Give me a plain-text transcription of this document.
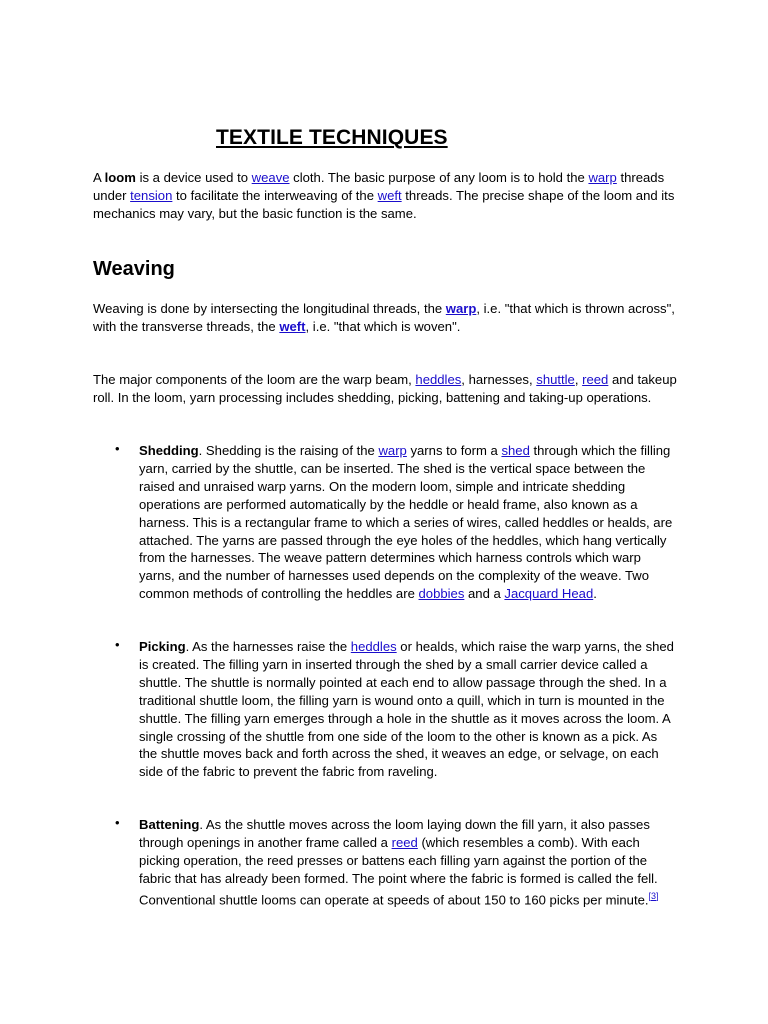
TEXTILE TECHNIQUES
A loom is a device used to weave cloth. The basic purpose of any loom is to hold the warp threads under tension to facilitate the interweaving of the weft threads. The precise shape of the loom and its mechanics may vary, but the basic function is the same.
Weaving
Weaving is done by intersecting the longitudinal threads, the warp, i.e. "that which is thrown across", with the transverse threads, the weft, i.e. "that which is woven".
The major components of the loom are the warp beam, heddles, harnesses, shuttle, reed and takeup roll. In the loom, yarn processing includes shedding, picking, battening and taking-up operations.
• Shedding. Shedding is the raising of the warp yarns to form a shed through which the filling yarn, carried by the shuttle, can be inserted. The shed is the vertical space between the raised and unraised warp yarns. On the modern loom, simple and intricate shedding operations are performed automatically by the heddle or heald frame, also known as a harness. This is a rectangular frame to which a series of wires, called heddles or healds, are attached. The yarns are passed through the eye holes of the heddles, which hang vertically from the harnesses. The weave pattern determines which harness controls which warp yarns, and the number of harnesses used depends on the complexity of the weave. Two common methods of controlling the heddles are dobbies and a Jacquard Head.
• Picking. As the harnesses raise the heddles or healds, which raise the warp yarns, the shed is created. The filling yarn in inserted through the shed by a small carrier device called a shuttle. The shuttle is normally pointed at each end to allow passage through the shed. In a traditional shuttle loom, the filling yarn is wound onto a quill, which in turn is mounted in the shuttle. The filling yarn emerges through a hole in the shuttle as it moves across the loom. A single crossing of the shuttle from one side of the loom to the other is known as a pick. As the shuttle moves back and forth across the shed, it weaves an edge, or selvage, on each side of the fabric to prevent the fabric from raveling.
• Battening. As the shuttle moves across the loom laying down the fill yarn, it also passes through openings in another frame called a reed (which resembles a comb). With each picking operation, the reed presses or battens each filling yarn against the portion of the fabric that has already been formed. The point where the fabric is formed is called the fell. Conventional shuttle looms can operate at speeds of about 150 to 160 picks per minute.[3]
